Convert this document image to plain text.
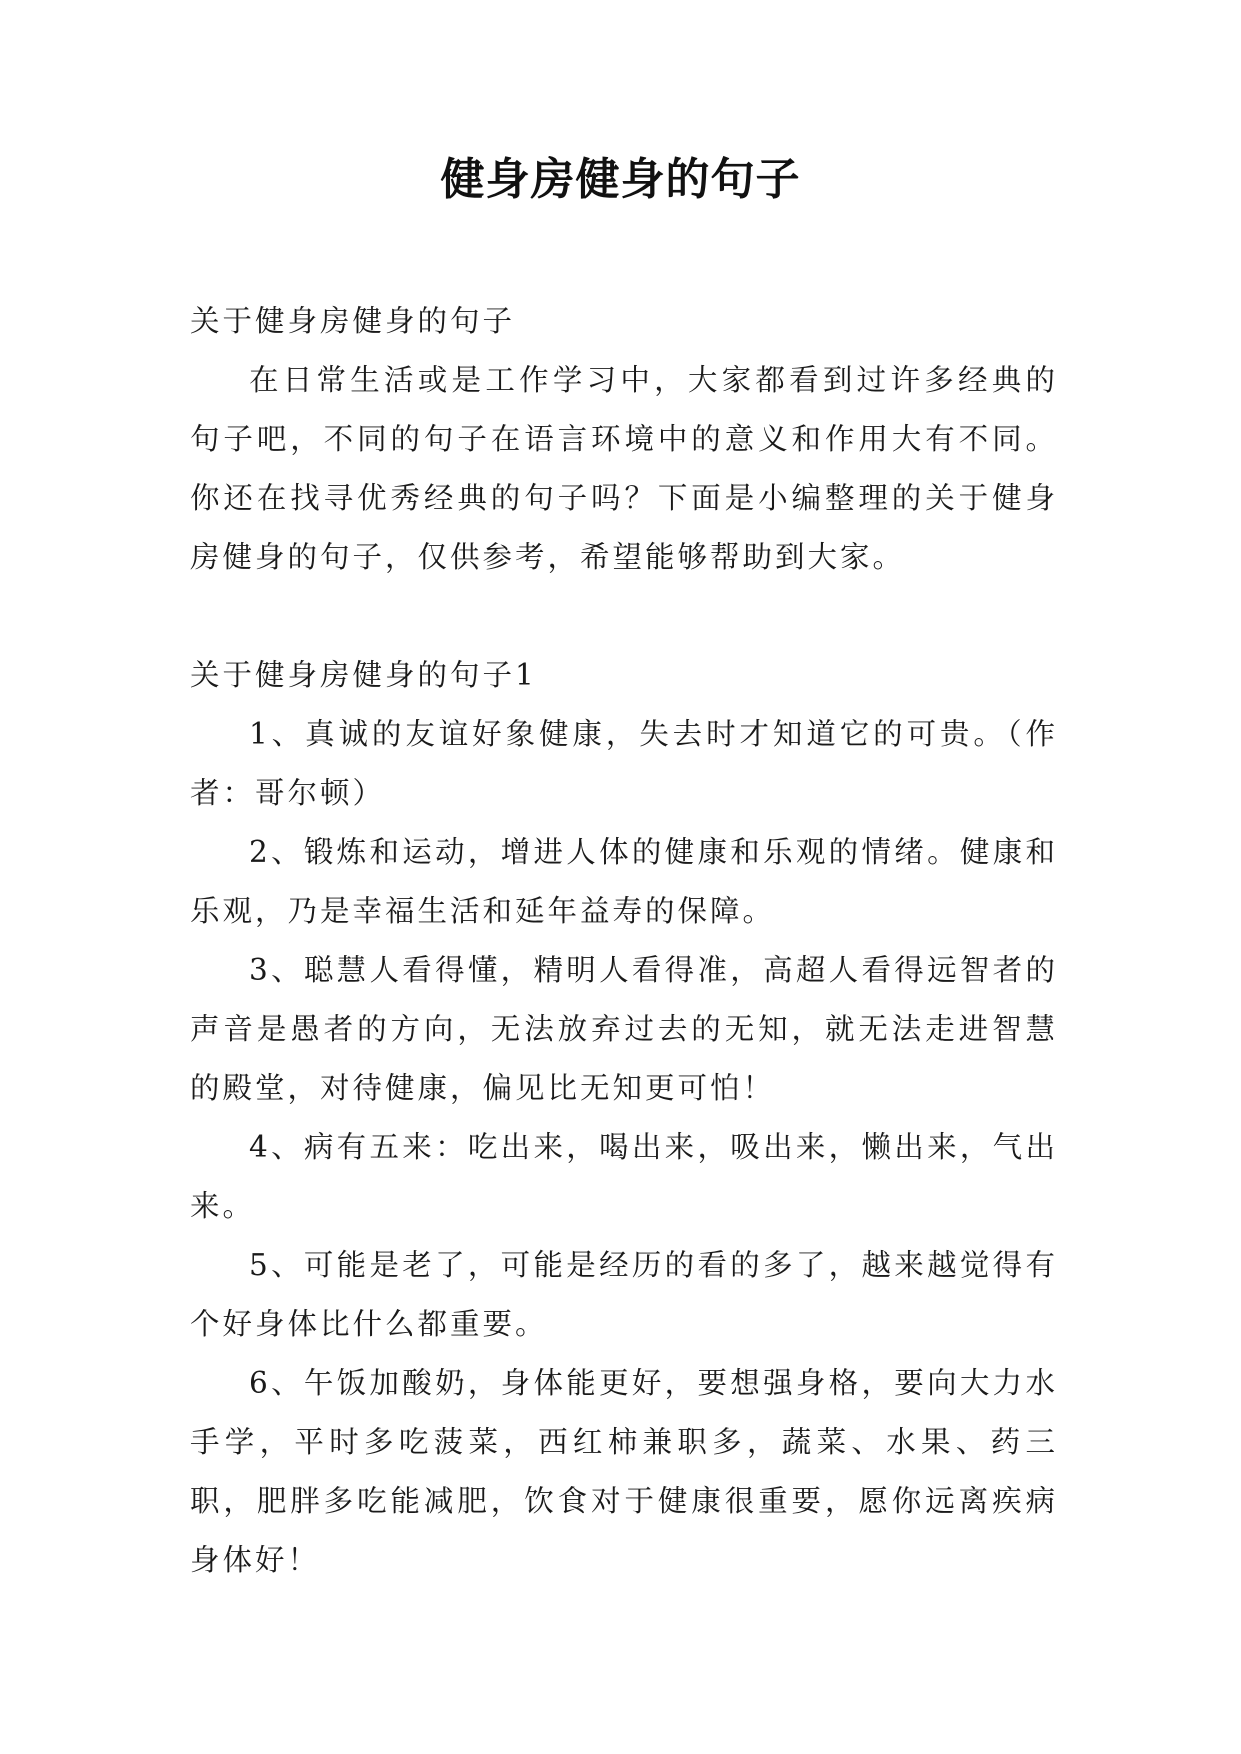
健身房健身的句子

关于健身房健身的句子

在日常生活或是工作学习中，大家都看到过许多经典的句子吧，不同的句子在语言环境中的意义和作用大有不同。你还在找寻优秀经典的句子吗？下面是小编整理的关于健身房健身的句子，仅供参考，希望能够帮助到大家。

关于健身房健身的句子1

1、真诚的友谊好象健康，失去时才知道它的可贵。（作者：哥尔顿）

2、锻炼和运动，增进人体的健康和乐观的情绪。健康和乐观，乃是幸福生活和延年益寿的保障。

3、聪慧人看得懂，精明人看得准，高超人看得远智者的声音是愚者的方向，无法放弃过去的无知，就无法走进智慧的殿堂，对待健康，偏见比无知更可怕！

4、病有五来：吃出来，喝出来，吸出来，懒出来，气出来。

5、可能是老了，可能是经历的看的多了，越来越觉得有个好身体比什么都重要。

6、午饭加酸奶，身体能更好，要想强身格，要向大力水手学，平时多吃菠菜，西红柿兼职多，蔬菜、水果、药三职，肥胖多吃能减肥，饮食对于健康很重要，愿你远离疾病身体好！
